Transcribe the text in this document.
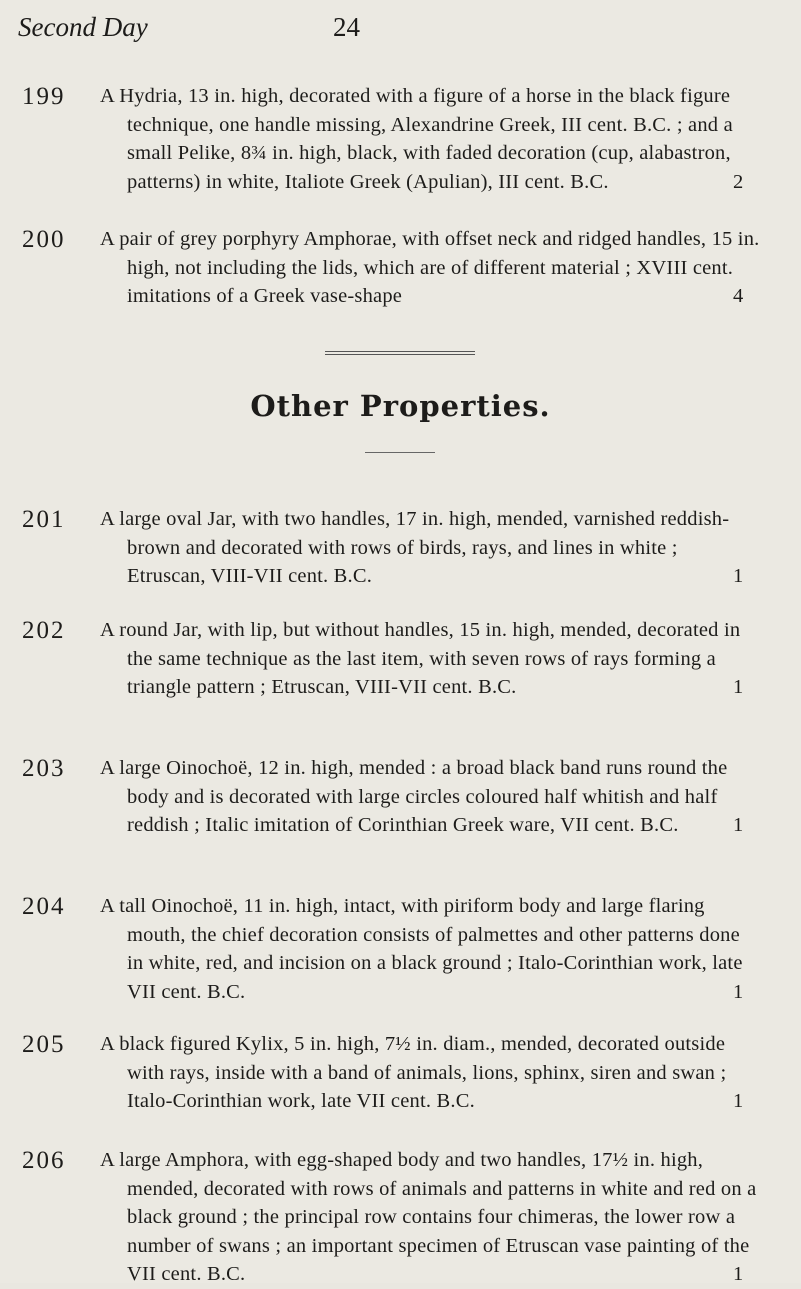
Second Day	24
199 A Hydria, 13 in. high, decorated with a figure of a horse in the black figure technique, one handle missing, Alexandrine Greek, III cent. B.C. ; and a small Pelike, 8¾ in. high, black, with faded decoration (cup, alabastron, patterns) in white, Italiote Greek (Apulian), III cent. B.C.	2
200 A pair of grey porphyry Amphorae, with offset neck and ridged handles, 15 in. high, not including the lids, which are of different material ; XVIII cent. imitations of a Greek vase-shape	4
Other Properties.
201 A large oval Jar, with two handles, 17 in. high, mended, varnished reddish-brown and decorated with rows of birds, rays, and lines in white ; Etruscan, VIII-VII cent. B.C.	1
202 A round Jar, with lip, but without handles, 15 in. high, mended, decorated in the same technique as the last item, with seven rows of rays forming a triangle pattern ; Etruscan, VIII-VII cent. B.C.	1
203 A large Oinochoë, 12 in. high, mended : a broad black band runs round the body and is decorated with large circles coloured half whitish and half reddish ; Italic imitation of Corinthian Greek ware, VII cent. B.C.	1
204 A tall Oinochoë, 11 in. high, intact, with piriform body and large flaring mouth, the chief decoration consists of palmettes and other patterns done in white, red, and incision on a black ground ; Italo-Corinthian work, late VII cent. B.C.	1
205 A black figured Kylix, 5 in. high, 7½ in. diam., mended, decorated outside with rays, inside with a band of animals, lions, sphinx, siren and swan ; Italo-Corinthian work, late VII cent. B.C.	1
206 A large Amphora, with egg-shaped body and two handles, 17½ in. high, mended, decorated with rows of animals and patterns in white and red on a black ground ; the principal row contains four chimeras, the lower row a number of swans ; an important specimen of Etruscan vase painting of the VII cent. B.C.	1
